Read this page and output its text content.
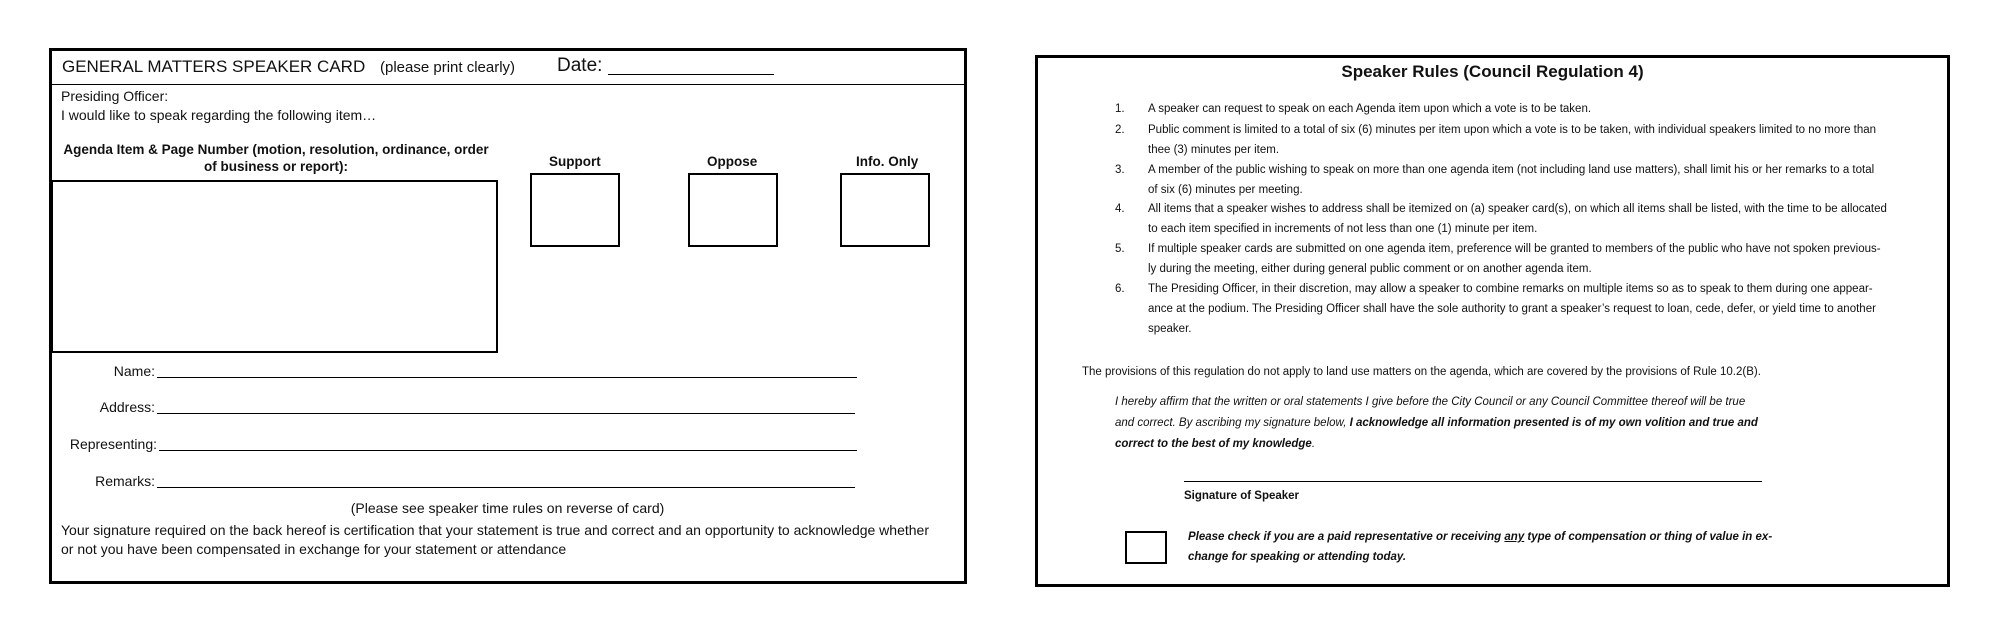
GENERAL MATTERS SPEAKER CARD (please print clearly) Date:
Presiding Officer:
I would like to speak regarding the following item…
Agenda Item & Page Number (motion, resolution, ordinance, order
of business or report):	Support	Oppose	Info. Only
Name:
Address:
Representing:
Remarks:
(Please see speaker time rules on reverse of card)
Your signature required on the back hereof is certification that your statement is true and correct and an opportunity to acknowledge whether
or not you have been compensated in exchange for your statement or attendance
Speaker Rules (Council Regulation 4)
1. A speaker can request to speak on each Agenda item upon which a vote is to be taken.
2. Public comment is limited to a total of six (6) minutes per item upon which a vote is to be taken, with individual speakers limited to no more than
thee (3) minutes per item.
3. A member of the public wishing to speak on more than one agenda item (not including land use matters), shall limit his or her remarks to a total
of six (6) minutes per meeting.
4. All items that a speaker wishes to address shall be itemized on (a) speaker card(s), on which all items shall be listed, with the time to be allocated
to each item specified in increments of not less than one (1) minute per item.
5. If multiple speaker cards are submitted on one agenda item, preference will be granted to members of the public who have not spoken previous-
ly during the meeting, either during general public comment or on another agenda item.
6. The Presiding Officer, in their discretion, may allow a speaker to combine remarks on multiple items so as to speak to them during one appear-
ance at the podium. The Presiding Officer shall have the sole authority to grant a speaker’s request to loan, cede, defer, or yield time to another
speaker.
The provisions of this regulation do not apply to land use matters on the agenda, which are covered by the provisions of Rule 10.2(B).
I hereby affirm that the written or oral statements I give before the City Council or any Council Committee thereof will be true
and correct. By ascribing my signature below, I acknowledge all information presented is of my own volition and true and
correct to the best of my knowledge.
Signature of Speaker
Please check if you are a paid representative or receiving any type of compensation or thing of value in ex-
change for speaking or attending today.
